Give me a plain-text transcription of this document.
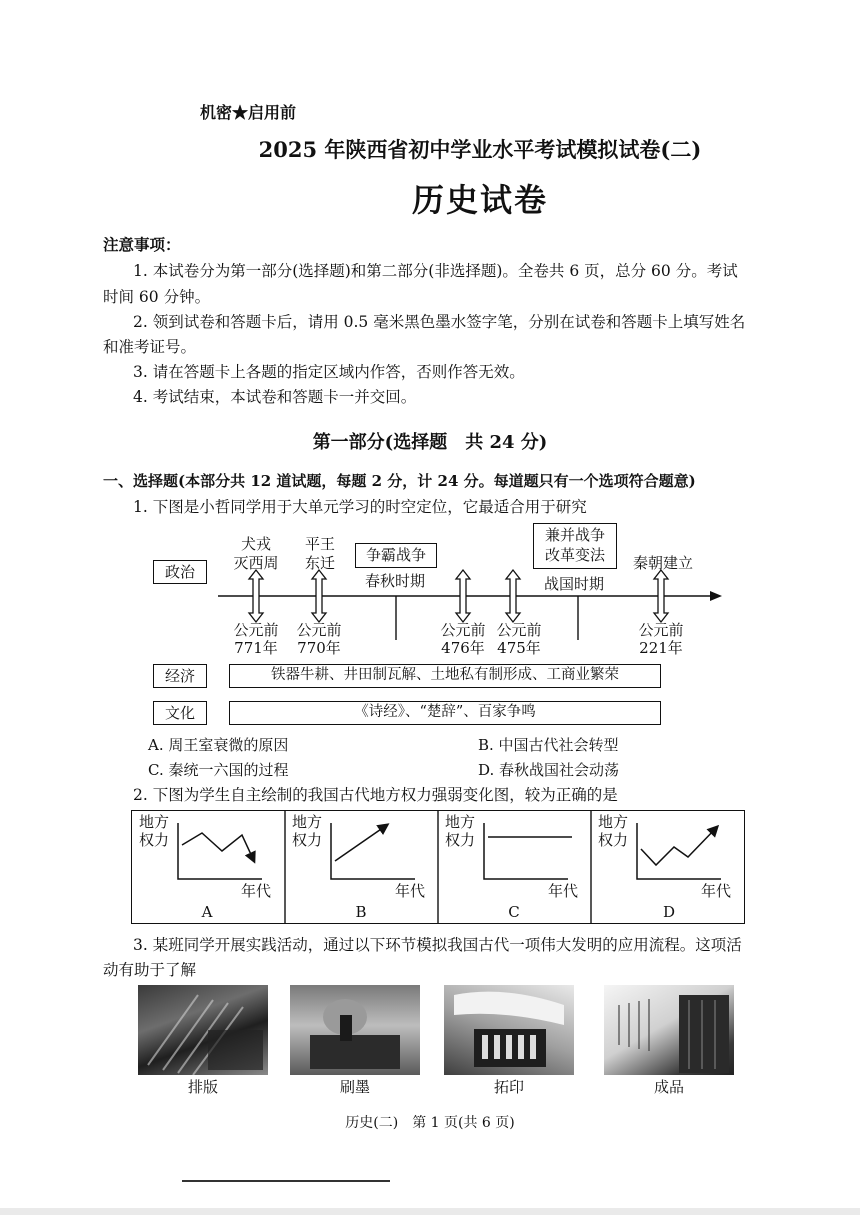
机密★启用前
2025 年陕西省初中学业水平考试模拟试卷(二)
历史试卷
注意事项：
1. 本试卷分为第一部分(选择题)和第二部分(非选择题)。全卷共 6 页，总分 60 分。考试
时间 60 分钟。
2. 领到试卷和答题卡后，请用 0.5 毫米黑色墨水签字笔，分别在试卷和答题卡上填写姓名
和准考证号。
3. 请在答题卡上各题的指定区域内作答，否则作答无效。
4. 考试结束，本试卷和答题卡一并交回。
第一部分(选择题　共 24 分)
一、选择题(本部分共 12 道试题，每题 2 分，计 24 分。每道题只有一个选项符合题意)
1. 下图是小哲同学用于大单元学习的时空定位，它最适合用于研究
政治
经济
文化
犬戎
灭西周
平王
东迁	争霸战争
春秋时期
兼并战争
改革变法
战国时期
秦朝建立
公元前
771年
公元前
770年
公元前
476年
公元前
475年
公元前
221年
铁器牛耕、井田制瓦解、土地私有制形成、工商业繁荣
《诗经》、“楚辞”、百家争鸣
A. 周王室衰微的原因	B. 中国古代社会转型
C. 秦统一六国的过程	D. 春秋战国社会动荡
2. 下图为学生自主绘制的我国古代地方权力强弱变化图，较为正确的是
地方
权力
年代
A
地方
权力
年代
B
地方
权力
年代
C
地方
权力
年代
D
3. 某班同学开展实践活动，通过以下环节模拟我国古代一项伟大发明的应用流程。这项活
动有助于了解
排版	刷墨	拓印	成品
历史(二)　第 1 页(共 6 页)
